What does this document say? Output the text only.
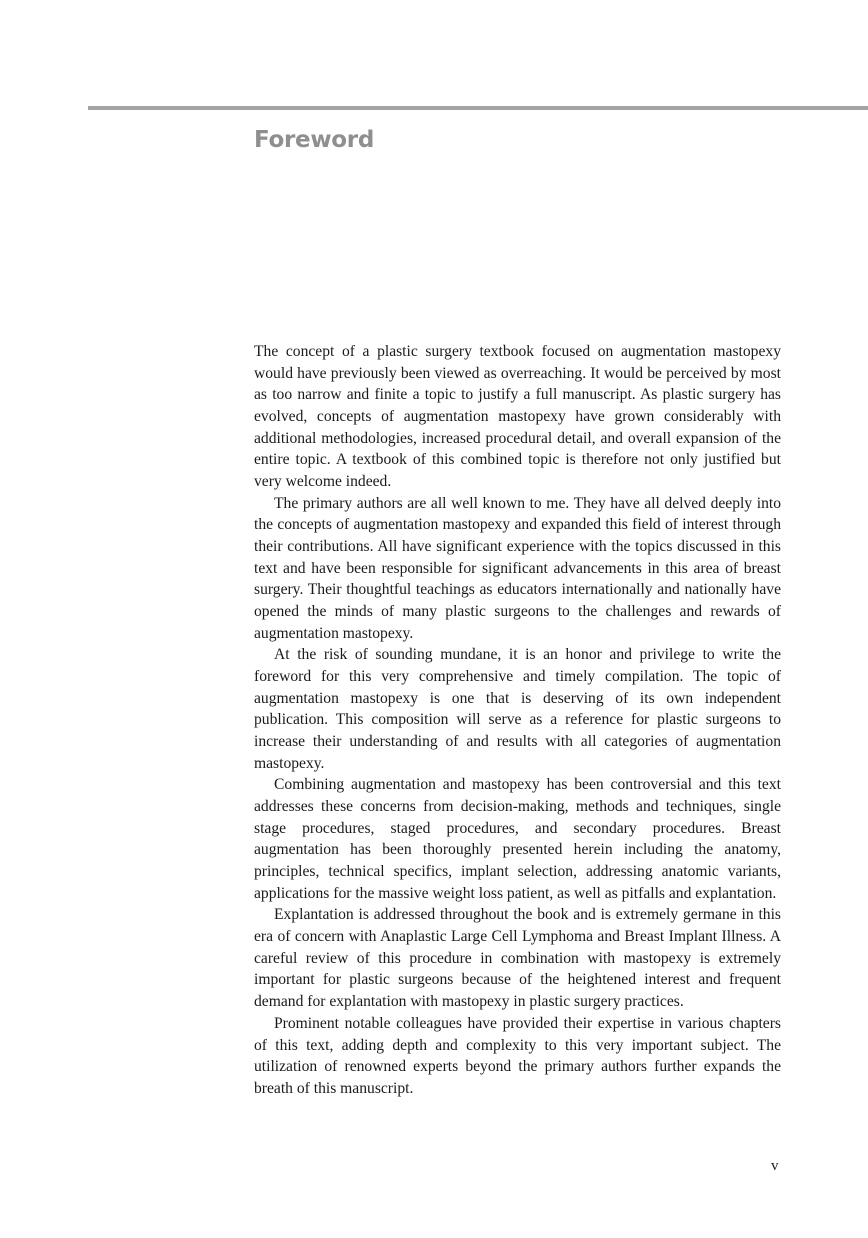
Foreword

The concept of a plastic surgery textbook focused on augmentation mastopexy would have previously been viewed as overreaching. It would be perceived by most as too narrow and finite a topic to justify a full manuscript. As plastic surgery has evolved, concepts of augmentation mastopexy have grown considerably with additional methodologies, increased procedural detail, and overall expansion of the entire topic. A textbook of this combined topic is therefore not only justified but very welcome indeed.

The primary authors are all well known to me. They have all delved deeply into the concepts of augmentation mastopexy and expanded this field of interest through their contributions. All have significant experience with the topics discussed in this text and have been responsible for significant advancements in this area of breast surgery. Their thoughtful teachings as educators internationally and nationally have opened the minds of many plastic surgeons to the challenges and rewards of augmentation mastopexy.

At the risk of sounding mundane, it is an honor and privilege to write the foreword for this very comprehensive and timely compilation. The topic of augmentation mastopexy is one that is deserving of its own independent publication. This composition will serve as a reference for plastic surgeons to increase their understanding of and results with all categories of augmentation mastopexy.

Combining augmentation and mastopexy has been controversial and this text addresses these concerns from decision-making, methods and techniques, single stage procedures, staged procedures, and secondary procedures. Breast augmentation has been thoroughly presented herein including the anatomy, principles, technical specifics, implant selection, addressing anatomic variants, applications for the massive weight loss patient, as well as pitfalls and explantation.

Explantation is addressed throughout the book and is extremely germane in this era of concern with Anaplastic Large Cell Lymphoma and Breast Implant Illness. A careful review of this procedure in combination with mastopexy is extremely important for plastic surgeons because of the heightened interest and frequent demand for explantation with mastopexy in plastic surgery practices.

Prominent notable colleagues have provided their expertise in various chapters of this text, adding depth and complexity to this very important subject. The utilization of renowned experts beyond the primary authors further expands the breath of this manuscript.

v
